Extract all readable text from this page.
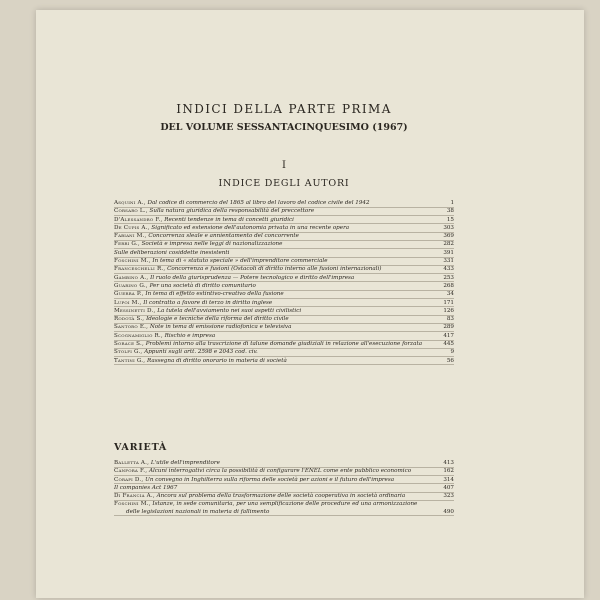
INDICI DELLA PARTE PRIMA
DEL VOLUME SESSANTACINQUESIMO (1967)
I
INDICE DEGLI AUTORI
Asquini A., Dal codice di commercio del 1865 al libro del lavoro del codice civile del 1942	1
Corsaro L., Sulla natura giuridica della responsabilità del preccettore	38
D'Alessandro F., Recenti tendenze in tema di concetti giuridici	15
De Cupis A., Significato ed estensione dell'autonomia privata in una recente opera	303
Fabiani M., Concorrenza sleale e annientamento del concorrente	369
Ferri G., Società e impresa nelle leggi di nazionalizzazione	282
Sulle deliberazioni cosiddette inesistenti	391
Foschini M., In tema di « statuto speciale » dell'imprenditore commerciale	331
Franceschelli R., Concorrenza e fusioni (Ostacoli di diritto interno alle fusioni internazionali)	433
Gambino A., Il ruolo della giurisprudenza — Potere tecnologico e diritto dell'impresa	253
Guarino G., Per una società di diritto comunitario	268
Guerra P., In tema di effetto estintivo-creativo della fusione	34
Lupoi M., Il contratto a favore di terzo in diritto inglese	171
Messinetti D., La tutela dell'avviamento nei suoi aspetti civilistici	126
Rodotà S., Ideologie e tecniche della riforma del diritto civile	83
Santoro E., Note in tema di emissione radiofonica e televisiva	289
Scognamiglio R., Rischio e impresa	417
Sorace S., Problemi intorno alla trascrizione di talune domande giudiziali in relazione all'esecuzione forzata	445
Stolfi G., Appunti sugli artt. 2598 e 2043 cod. civ.	9
Tantini G., Rassegna di diritto onorario in materia di società	56
VARIETÀ
Balletta A., L'utile dell'imprenditore	413
Canfora F., Alcuni interrogativi circa la possibilità di configurare l'ENEL come ente pubblico economico	162
Corapi D., Un convegno in Inghilterra sulla riforma delle società per azioni e il futuro dell'impresa	314
Il companies Act 1967	407
Di Francia A., Ancora sul problema della trasformazione delle società cooperativa in società ordinaria	323
Foschini M., Istanze, in sede comunitaria, per una semplificazione delle procedure ed una armonizzazione delle legislazioni nazionali in materia di fallimento	490
